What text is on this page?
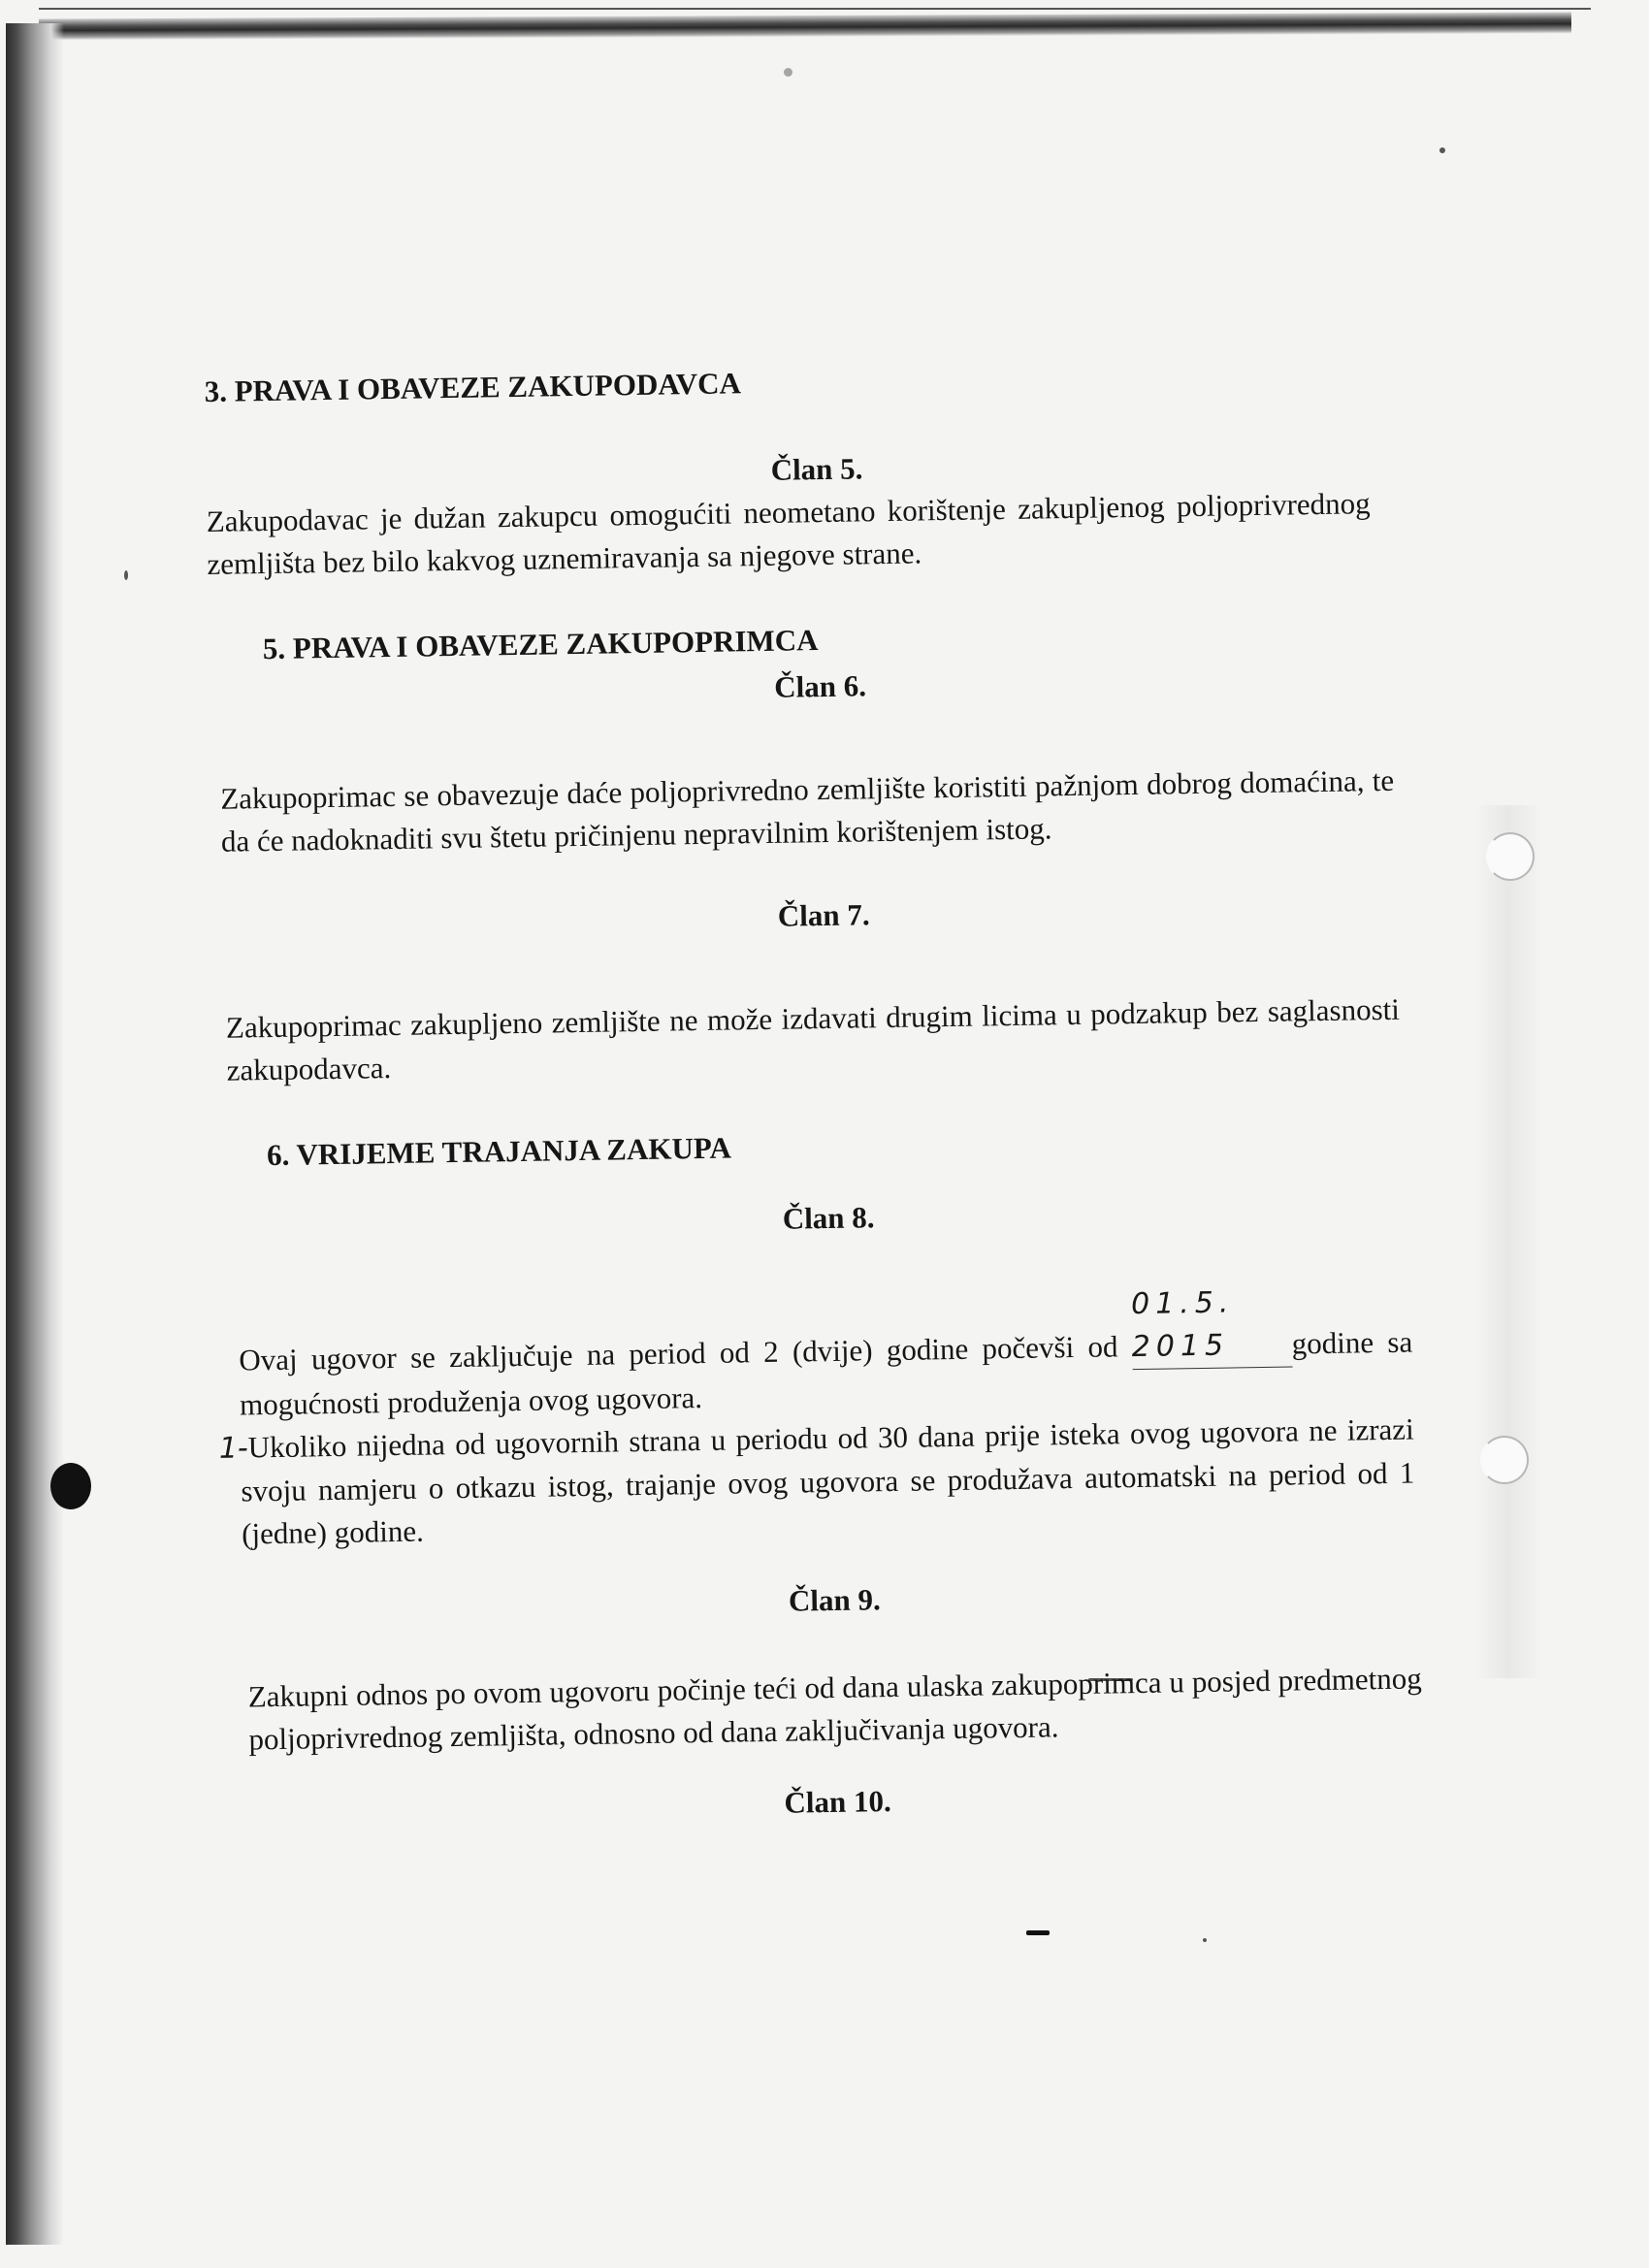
3. PRAVA I OBAVEZE ZAKUPODAVCA
Član 5.
Zakupodavac je dužan zakupcu omogućiti neometano korištenje zakupljenog poljoprivrednog zemljišta bez bilo kakvog uznemiravanja sa njegove strane.
5. PRAVA I OBAVEZE ZAKUPOPRIMCA
Član 6.
Zakupoprimac se obavezuje daće poljoprivredno zemljište koristiti pažnjom dobrog domaćina, te da će nadoknaditi svu štetu pričinjenu nepravilnim korištenjem istog.
Član 7.
Zakupoprimac zakupljeno zemljište ne može izdavati drugim licima u podzakup bez saglasnosti zakupodavca.
6. VRIJEME TRAJANJA ZAKUPA
Član 8.
Ovaj ugovor se zaključuje na period od 2 (dvije) godine počevši od 01.5. 2015 godine sa mogućnosti produženja ovog ugovora.
1-Ukoliko nijedna od ugovornih strana u periodu od 30 dana prije isteka ovog ugovora ne izrazi svoju namjeru o otkazu istog, trajanje ovog ugovora se produžava automatski na period od 1 (jedne) godine.
Član 9.
Zakupni odnos po ovom ugovoru počinje teći od dana ulaska zakupoprimca u posjed predmetnog poljoprivrednog zemljišta, odnosno od dana zaključivanja ugovora.
Član 10.
